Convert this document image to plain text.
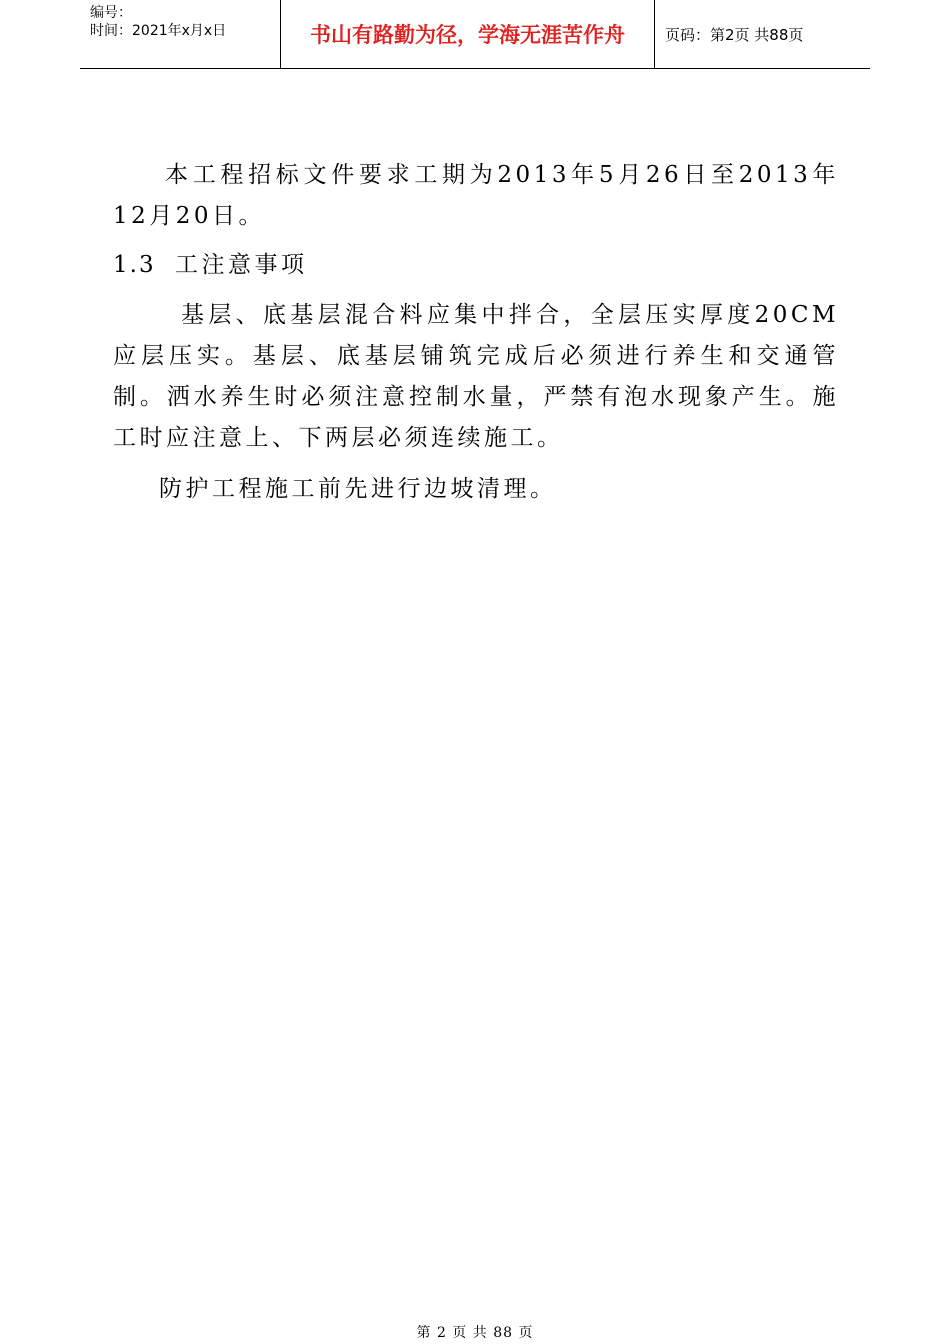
编号：
时间：2021年x月x日	书山有路勤为径，学海无涯苦作舟	页码：第2页 共88页

本工程招标文件要求工期为2013年5月26日至2013年12月20日。

1.3 工注意事项

基层、底基层混合料应集中拌合，全层压实厚度20CM应层压实。基层、底基层铺筑完成后必须进行养生和交通管制。洒水养生时必须注意控制水量，严禁有泡水现象产生。施工时应注意上、下两层必须连续施工。

防护工程施工前先进行边坡清理。

第 2 页 共 88 页
